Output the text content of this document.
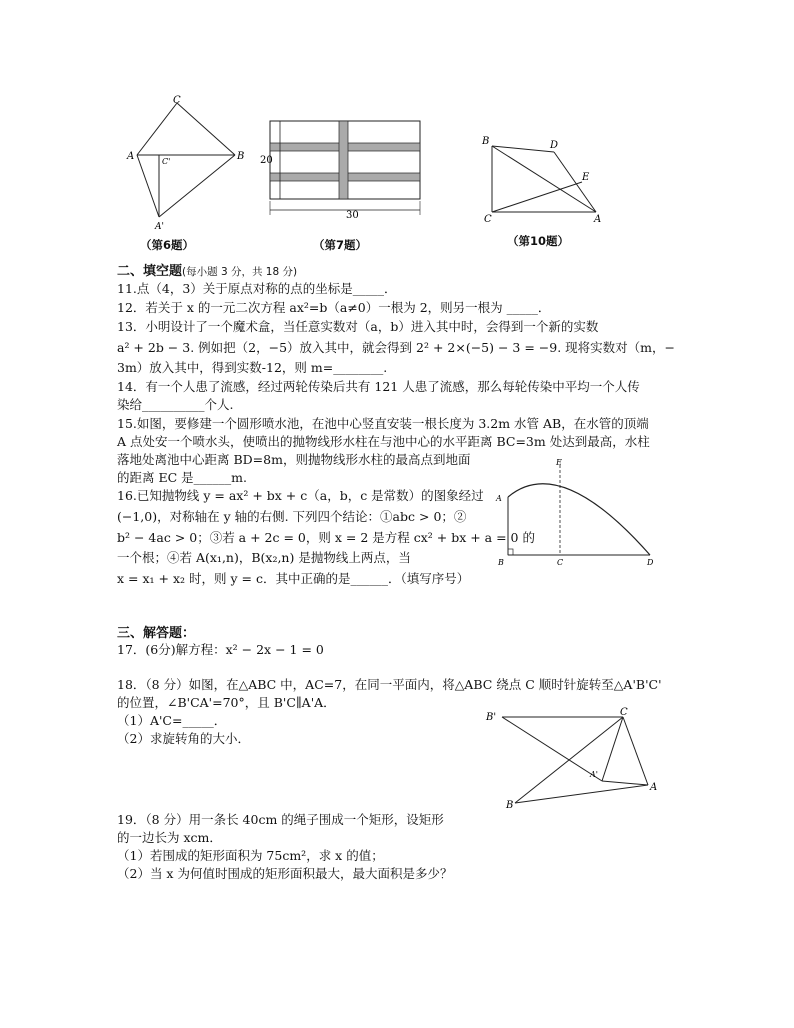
C
A	C'	B
A'
（第6题）
20
30
（第7题）
B	D
E
C	A
（第10题）
二、填空题(每小题 3 分，共 18 分)
11.点（4，3）关于原点对称的点的坐标是_____．
12．若关于 x 的一元二次方程 ax²=b（a≠0）一根为 2，则另一根为 _____．
13．小明设计了一个魔术盒，当任意实数对（a，b）进入其中时，会得到一个新的实数
a² + 2b − 3. 例如把（2，−5）放入其中，就会得到 2² + 2×(−5) − 3 = −9. 现将实数对（m，−
3m）放入其中，得到实数-12，则 m=________.
14．有一个人患了流感，经过两轮传染后共有 121 人患了流感，那么每轮传染中平均一个人传
染给__________个人.
15.如图，要修建一个圆形喷水池，在池中心竖直安装一根长度为 3.2m 水管 AB，在水管的顶端
A 点处安一个喷水头，使喷出的抛物线形水柱在与池中心的水平距离 BC=3m 处达到最高，水柱
落地处离池中心距离 BD=8m，则抛物线形水柱的最高点到地面
的距离 EC 是______m.
16.已知抛物线 y = ax² + bx + c（a，b，c 是常数）的图象经过
(−1,0)，对称轴在 y 轴的右侧. 下列四个结论：①abc > 0；②
b² − 4ac > 0；③若 a + 2c = 0，则 x = 2 是方程 cx² + bx + a = 0 的
一个根；④若 A(x₁,n)，B(x₂,n) 是抛物线上两点，当
x = x₁ + x₂ 时，则 y = c．其中正确的是______．（填写序号）
E
A
B	C	D
三、解答题：
17．(6分)解方程：x² − 2x − 1 = 0
18．（8 分）如图，在△ABC 中，AC=7，在同一平面内，将△ABC 绕点 C 顺时针旋转至△A'B'C'
的位置，∠B'CA'=70°，且 B'C∥A'A．
（1）A'C=_____．
（2）求旋转角的大小．
B'	C
A'
A
B
19．（8 分）用一条长 40cm 的绳子围成一个矩形，设矩形
的一边长为 xcm．
（1）若围成的矩形面积为 75cm²，求 x 的值；
（2）当 x 为何值时围成的矩形面积最大，最大面积是多少？
